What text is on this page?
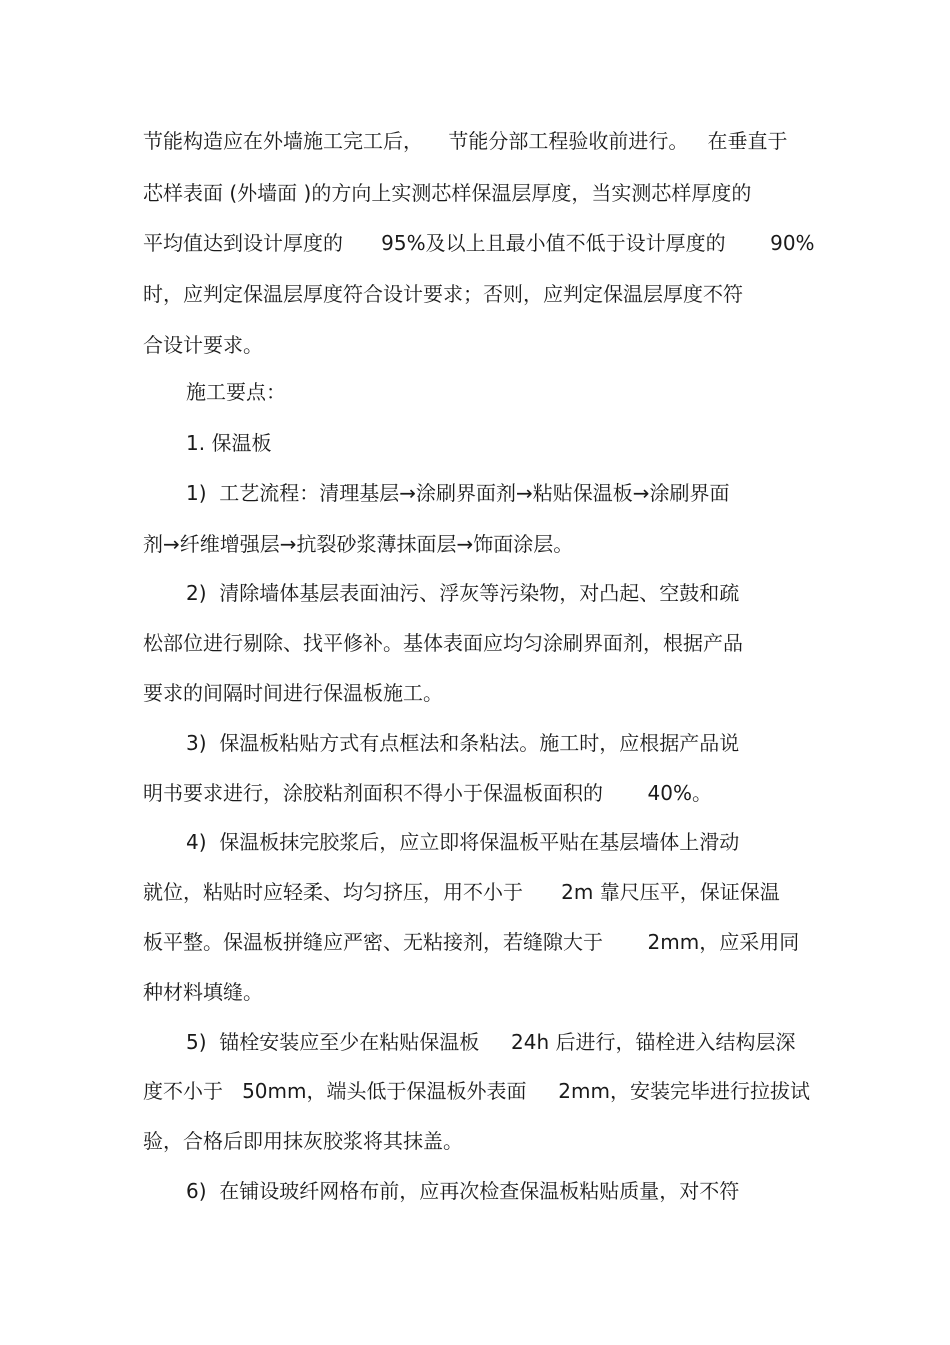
节能构造应在外墙施工完工后，    节能分部工程验收前进行。   在垂直于

芯样表面 (外墙面 )的方向上实测芯样保温层厚度，当实测芯样厚度的

平均值达到设计厚度的      95%及以上且最小值不低于设计厚度的       90%

时，应判定保温层厚度符合设计要求；否则，应判定保温层厚度不符

合设计要求。

施工要点：

1. 保温板

1)  工艺流程：清理基层→涂刷界面剂→粘贴保温板→涂刷界面

剂→纤维增强层→抗裂砂浆薄抹面层→饰面涂层。

2)  清除墙体基层表面油污、浮灰等污染物，对凸起、空鼓和疏

松部位进行剔除、找平修补。基体表面应均匀涂刷界面剂，根据产品

要求的间隔时间进行保温板施工。

3)  保温板粘贴方式有点框法和条粘法。施工时，应根据产品说

明书要求进行，涂胶粘剂面积不得小于保温板面积的       40%。

4)  保温板抹完胶浆后，应立即将保温板平贴在基层墙体上滑动

就位，粘贴时应轻柔、均匀挤压，用不小于      2m 靠尺压平，保证保温

板平整。保温板拼缝应严密、无粘接剂，若缝隙大于       2mm，应采用同

种材料填缝。

5)  锚栓安装应至少在粘贴保温板     24h 后进行，锚栓进入结构层深

度不小于   50mm，端头低于保温板外表面     2mm，安装完毕进行拉拔试

验，合格后即用抹灰胶浆将其抹盖。

6)  在铺设玻纤网格布前，应再次检查保温板粘贴质量，对不符
